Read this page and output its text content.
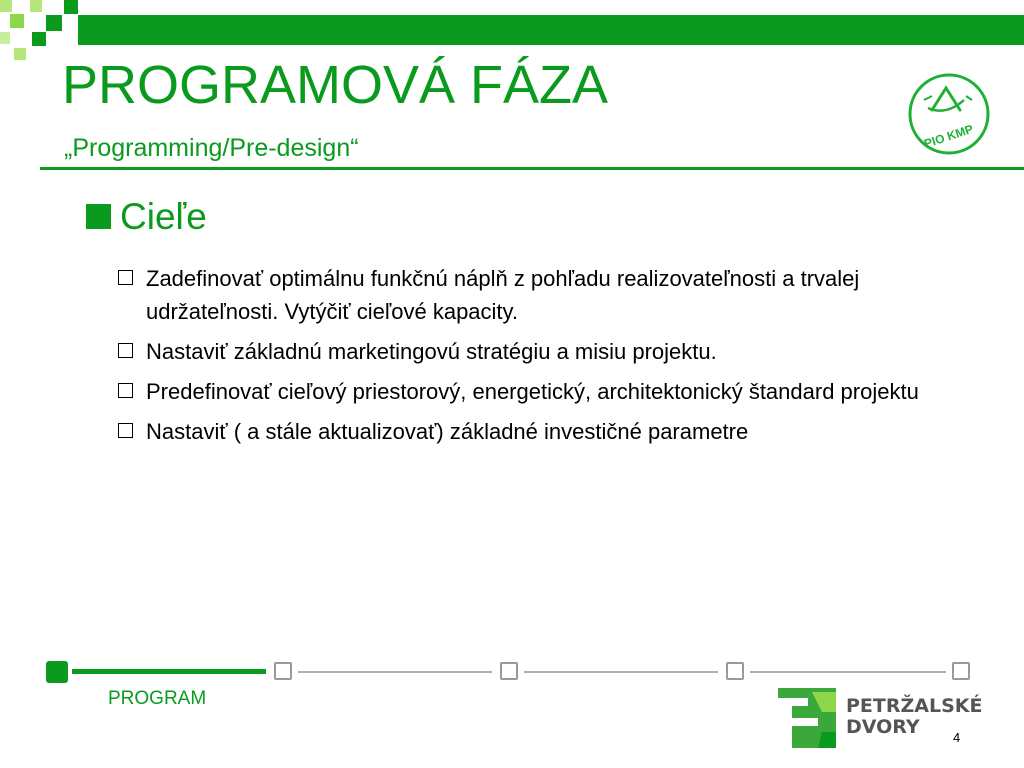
PROGRAMOVÁ FÁZA
„Programming/Pre-design“	PIO KMP
Cieľe
Zadefinovať optimálnu funkčnú náplň z pohľadu realizovateľnosti a trvalej udržateľnosti. Vytýčiť cieľové kapacity.
Nastaviť základnú marketingovú stratégiu a misiu projektu.
Predefinovať cieľový priestorový, energetický, architektonický štandard projektu
Nastaviť ( a stále aktualizovať) základné investičné parametre
PROGRAM	PETRŽALSKÉ
DVORY	4
